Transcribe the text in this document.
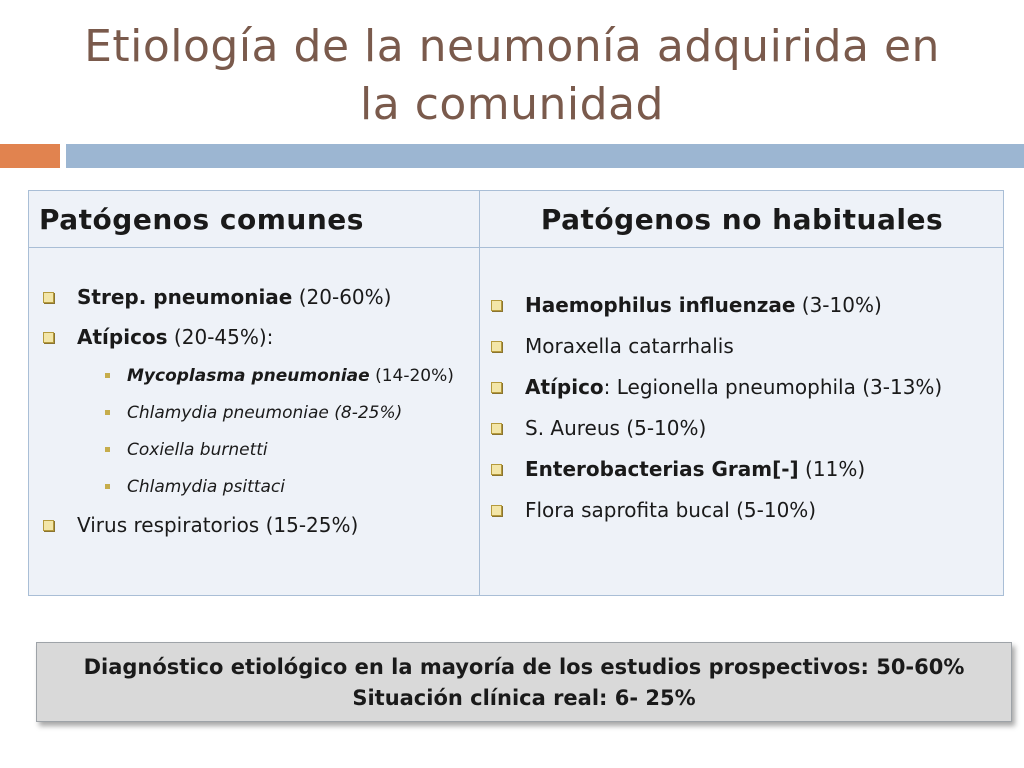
Etiología de la neumonía adquirida en
la comunidad
Patógenos comunes	Patógenos no habituales
Strep. pneumoniae (20-60%)
Atípicos (20-45%):
Mycoplasma pneumoniae (14-20%)
Chlamydia pneumoniae (8-25%)
Coxiella burnetti
Chlamydia psittaci
Virus respiratorios (15-25%)
Haemophilus influenzae (3-10%)
Moraxella catarrhalis
Atípico: Legionella pneumophila (3-13%)
S. Aureus (5-10%)
Enterobacterias Gram[-] (11%)
Flora saprofita bucal (5-10%)
Diagnóstico etiológico en la mayoría de los estudios prospectivos: 50-60%
Situación clínica real: 6- 25%
